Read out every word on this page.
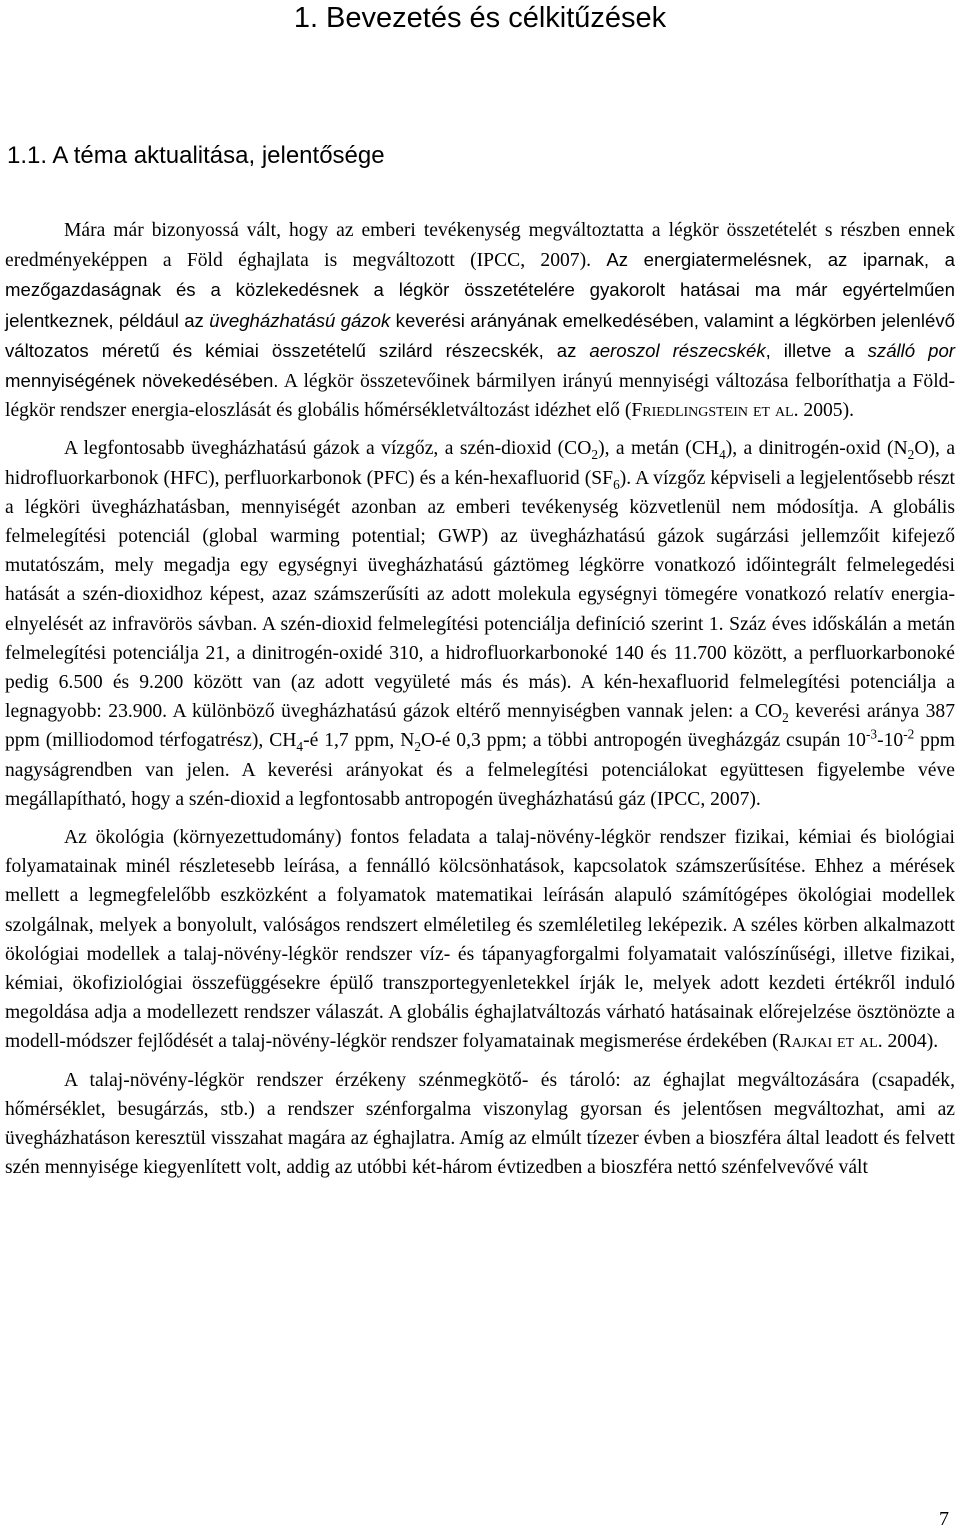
1. Bevezetés és célkitűzések
1.1. A téma aktualitása, jelentősége

Mára már bizonyossá vált, hogy az emberi tevékenység megváltoztatta a légkör összetételét s részben ennek eredményeképpen a Föld éghajlata is megváltozott (IPCC, 2007). Az energiatermelésnek, az iparnak, a mezőgazdaságnak és a közlekedésnek a légkör összetételére gyakorolt hatásai ma már egyértelműen jelentkeznek, például az üvegházhatású gázok keverési arányának emelkedésében, valamint a légkörben jelenlévő változatos méretű és kémiai összetételű szilárd részecskék, az aeroszol részecskék, illetve a szálló por mennyiségének növekedésében. A légkör összetevőinek bármilyen irányú mennyiségi változása felboríthatja a Föld-légkör rendszer energia-eloszlását és globális hőmérsékletváltozást idézhet elő (Friedlingstein et al. 2005).

A legfontosabb üvegházhatású gázok a vízgőz, a szén-dioxid $(CO_2)$, a metán $(CH_4)$, a dinitrogén-oxid $(N_2O)$, a hidrofluorkarbonok (HFC), perfluorkarbonok (PFC) és a kén-hexafluorid $(SF_6)$. A vízgőz képviseli a legjelentősebb részt a légköri üvegházhatásban, mennyiségét azonban az emberi tevékenység közvetlenül nem módosítja. A globális felmelegítési potenciál (global warming potential; GWP) az üvegházhatású gázok sugárzási jellemzőit kifejező mutatószám, mely megadja egy egységnyi üvegházhatású gáztömeg légkörre vonatkozó időintegrált felmelegedési hatását a szén-dioxidhoz képest, azaz számszerűsíti az adott molekula egységnyi tömegére vonatkozó relatív energia-elnyelését az infravörös sávban. A szén-dioxid felmelegítési potenciálja definíció szerint 1. Száz éves időskálán a metán felmelegítési potenciálja 21, a dinitrogén-oxidé 310, a hidrofluorkarbonoké 140 és 11.700 között, a perfluorkarbonoké pedig 6.500 és 9.200 között van (az adott vegyületé más és más). A kén-hexafluorid felmelegítési potenciálja a legnagyobb: 23.900. A különböző üvegházhatású gázok eltérő mennyiségben vannak jelen: a $CO_2$ keverési aránya 387 ppm (milliodomod térfogatrész), $CH_4-é$ 1,7 ppm, $N_2O-é$ 0,3 ppm; a többi antropogén üvegházgáz csupán $10^{-3}-10^{-2}$ ppm nagyságrendben van jelen. A keverési arányokat és a felmelegítési potenciálokat együttesen figyelembe véve megállapítható, hogy a szén-dioxid a legfontosabb antropogén üvegházhatású gáz (IPCC, 2007).

Az ökológia (környezettudomány) fontos feladata a talaj-növény-légkör rendszer fizikai, kémiai és biológiai folyamatainak minél részletesebb leírása, a fennálló kölcsönhatások, kapcsolatok számszerűsítése. Ehhez a mérések mellett a legmegfelelőbb eszközként a folyamatok matematikai leírásán alapuló számítógépes ökológiai modellek szolgálnak, melyek a bonyolult, valóságos rendszert elméletileg és szemléletileg leképezik. A széles körben alkalmazott ökológiai modellek a talaj-növény-légkör rendszer víz- és tápanyagforgalmi folyamatait valószínűségi, illetve fizikai, kémiai, ökofiziológiai összefüggésekre épülő transzportegyenletekkel írják le, melyek adott kezdeti értékről induló megoldása adja a modellezett rendszer válaszát. A globális éghajlatváltozás várható hatásainak előrejelzése ösztönözte a modell-módszer fejlődését a talaj-növény-légkör rendszer folyamatainak megismerése érdekében (Rajkai et al. 2004).

A talaj-növény-légkör rendszer érzékeny szénmegkötő- és tároló: az éghajlat megváltozására (csapadék, hőmérséklet, besugárzás, stb.) a rendszer szénforgalma viszonylag gyorsan és jelentősen megváltozhat, ami az üvegházhatáson keresztül visszahat magára az éghajlatra. Amíg az elmúlt tízezer évben a bioszféra által leadott és felvett szén mennyisége kiegyenlített volt, addig az utóbbi két-három évtizedben a bioszféra nettó szénfelvevővé vált

7
